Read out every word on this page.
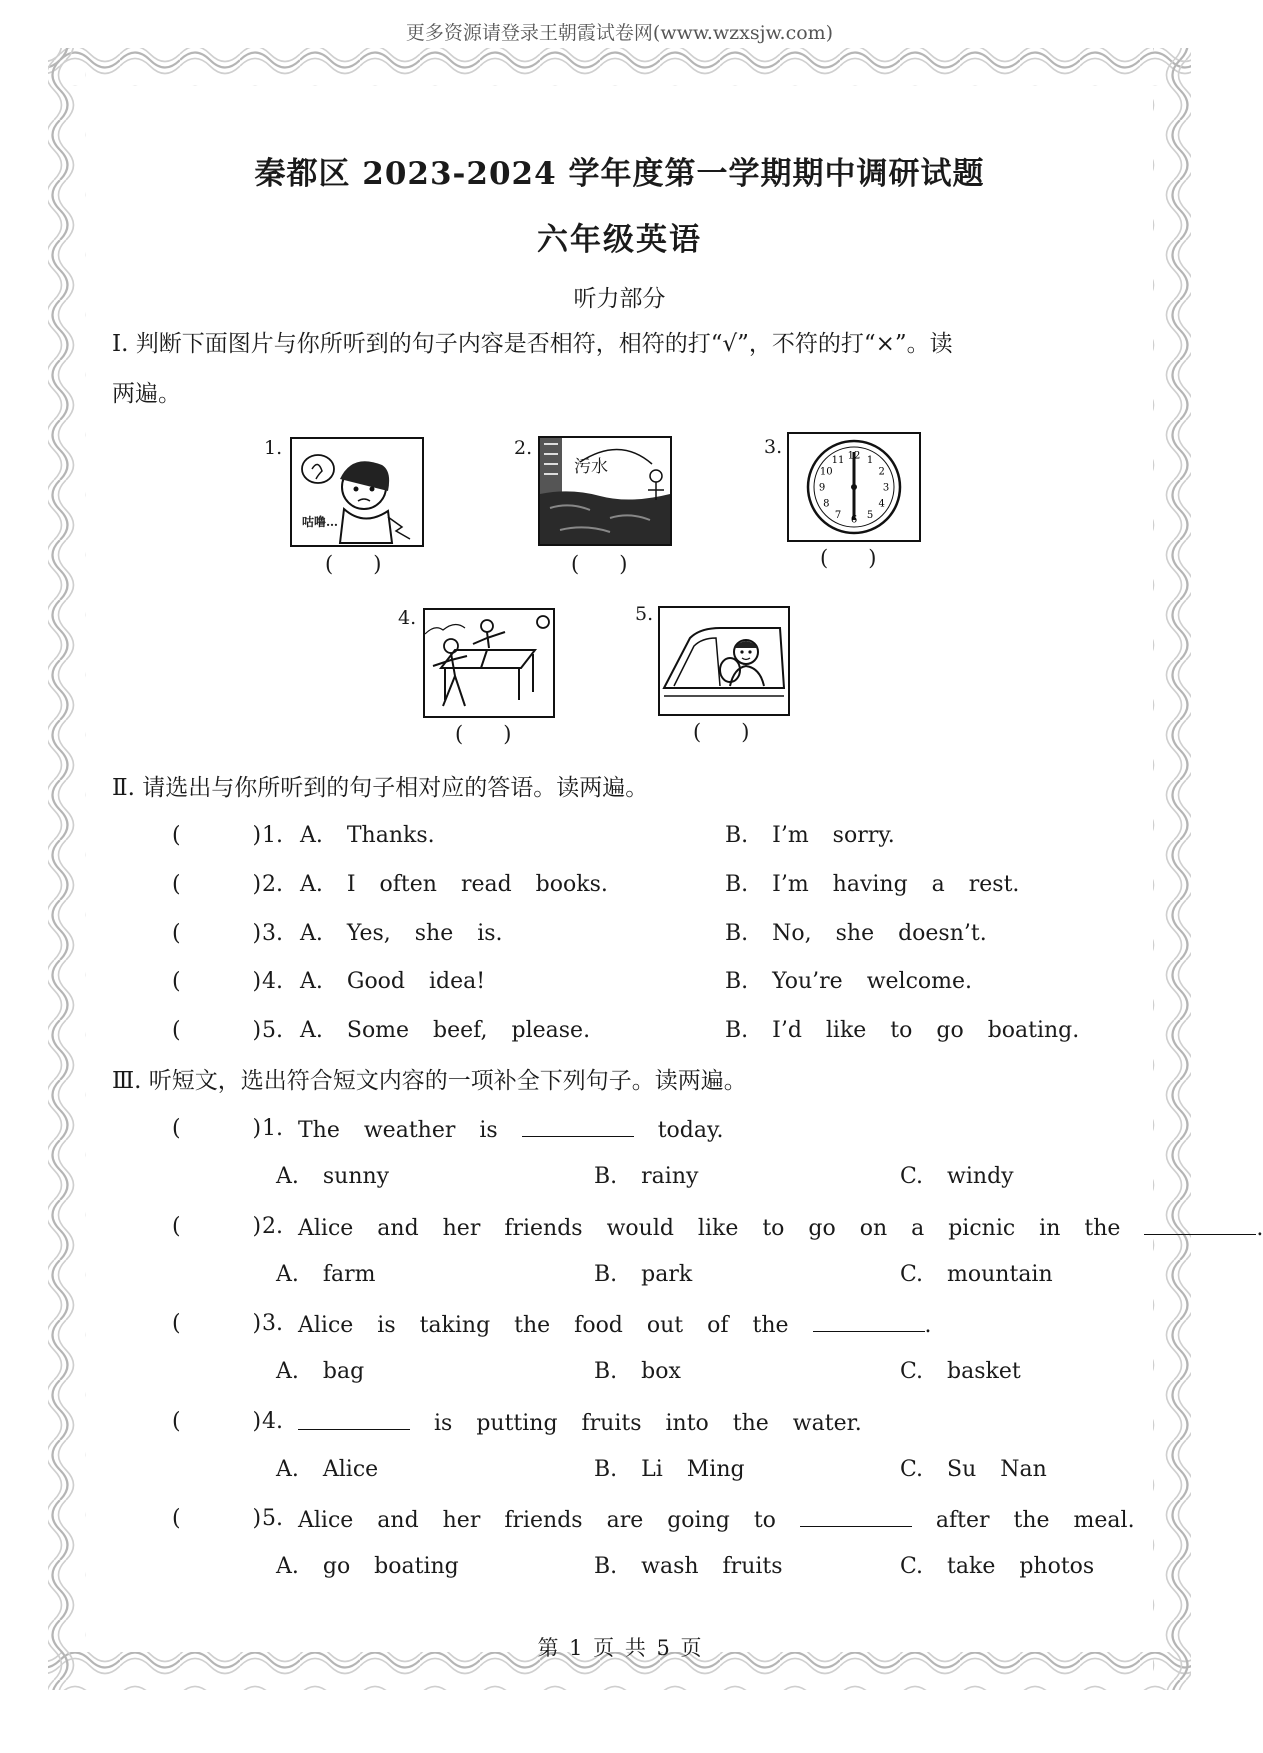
更多资源请登录王朝霞试卷网(www.wzxsjw.com)
秦都区 2023-2024 学年度第一学期期中调研试题
六年级英语
听力部分
Ⅰ. 判断下面图片与你所听到的句子内容是否相符，相符的打“√”，不符的打“×”。读
两遍。
1.
咕噜…
(      )
2.
污水
(      )
3.	12 1
2
3
4
5
6
7
8
9
10
11
(      )
4.
(      )
5.
(      )
Ⅱ. 请选出与你所听到的句子相对应的答语。读两遍。
(      ) 1. A.  Thanks.	B.  I’m  sorry.
(      ) 2. A.  I  often  read  books.	B.  I’m  having  a  rest.
(      ) 3. A.  Yes,  she  is.	B.  No,  she  doesn’t.
(      ) 4. A.  Good  idea!	B.  You’re  welcome.
(      ) 5. A.  Some  beef,  please.	B.  I’d  like  to  go  boating.
Ⅲ. 听短文，选出符合短文内容的一项补全下列句子。读两遍。
(      ) 1. The  weather  is	today.
A.  sunny	B.  rainy	C.  windy
(      ) 2. Alice  and  her  friends  would  like  to  go  on  a  picnic  in  the	.
A.  farm	B.  park	C.  mountain
(      ) 3. Alice  is  taking  the  food  out  of  the	.
A.  bag	B.  box	C.  basket
(      ) 4.	is  putting  fruits  into  the  water.
A.  Alice	B.  Li  Ming	C.  Su  Nan
(      ) 5. Alice  and  her  friends  are  going  to	after  the  meal.
A.  go  boating	B.  wash  fruits	C.  take  photos
第 1 页 共 5 页
